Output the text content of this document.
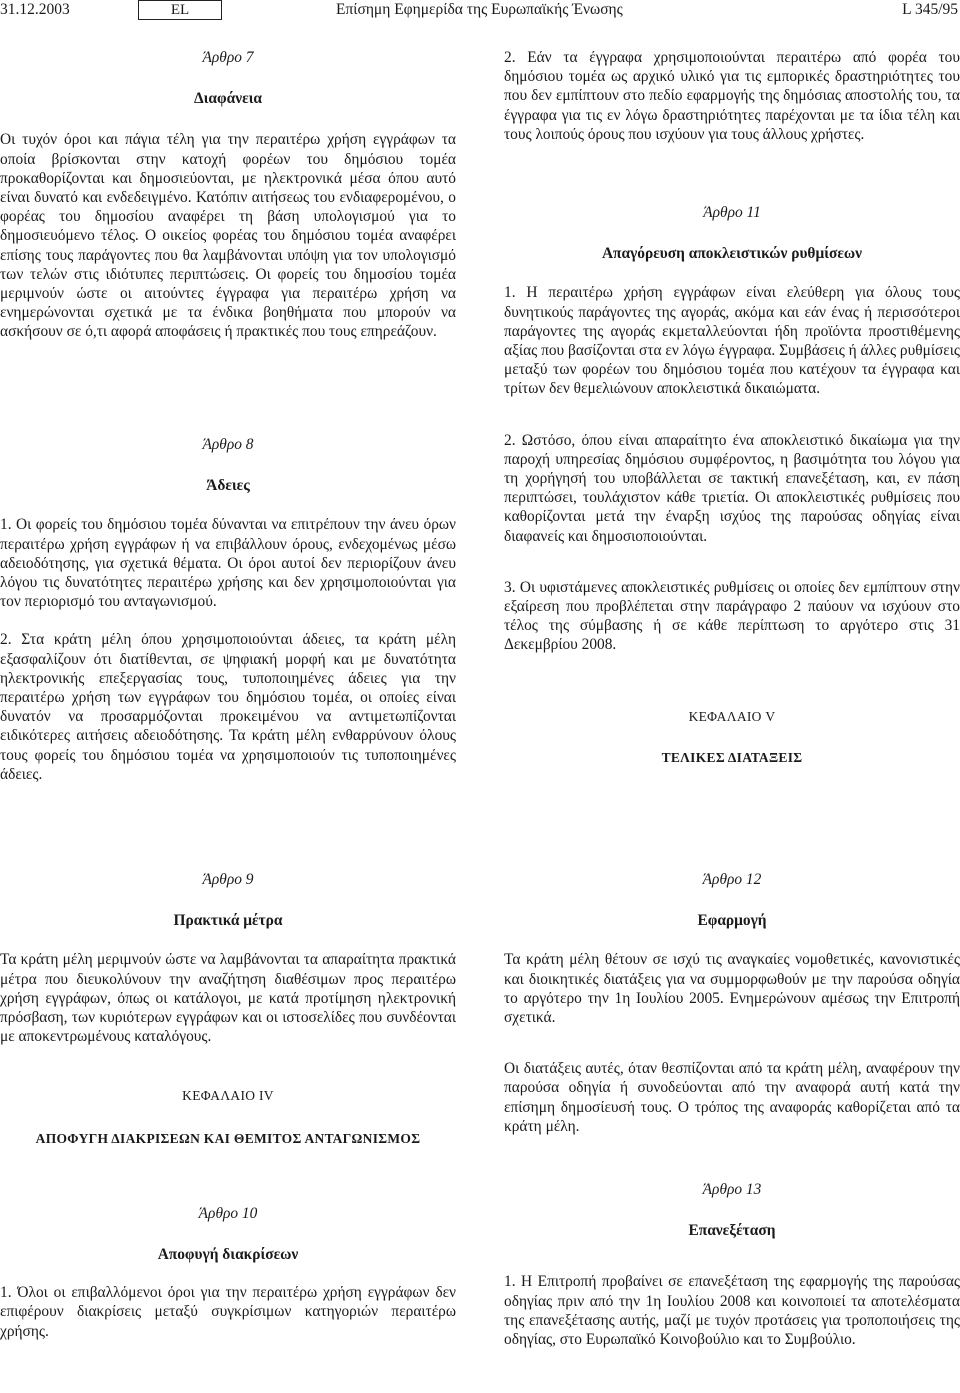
31.12.2003	EL	Επίσημη Εφημερίδα της Ευρωπαϊκής Ένωσης	L 345/95

Άρθρο 7

Διαφάνεια

Οι τυχόν όροι και πάγια τέλη για την περαιτέρω χρήση εγγράφων τα οποία βρίσκονται στην κατοχή φορέων του δημόσιου τομέα προκαθορίζονται και δημοσιεύονται, με ηλεκτρονικά μέσα όπου αυτό είναι δυνατό και ενδεδειγμένο. Κατόπιν αιτήσεως του ενδιαφερομένου, ο φορέας του δημοσίου αναφέρει τη βάση υπολογισμού για το δημοσιευόμενο τέλος. Ο οικείος φορέας του δημόσιου τομέα αναφέρει επίσης τους παράγοντες που θα λαμβάνονται υπόψη για τον υπολογισμό των τελών στις ιδιότυπες περιπτώσεις. Οι φορείς του δημοσίου τομέα μεριμνούν ώστε οι αιτούντες έγγραφα για περαιτέρω χρήση να ενημερώνονται σχετικά με τα ένδικα βοηθήματα που μπορούν να ασκήσουν σε ό,τι αφορά αποφάσεις ή πρακτικές που τους επηρεάζουν.

Άρθρο 8

Άδειες

1. Οι φορείς του δημόσιου τομέα δύνανται να επιτρέπουν την άνευ όρων περαιτέρω χρήση εγγράφων ή να επιβάλλουν όρους, ενδεχομένως μέσω αδειοδότησης, για σχετικά θέματα. Οι όροι αυτοί δεν περιορίζουν άνευ λόγου τις δυνατότητες περαιτέρω χρήσης και δεν χρησιμοποιούνται για τον περιορισμό του ανταγωνισμού.

2. Στα κράτη μέλη όπου χρησιμοποιούνται άδειες, τα κράτη μέλη εξασφαλίζουν ότι διατίθενται, σε ψηφιακή μορφή και με δυνατότητα ηλεκτρονικής επεξεργασίας τους, τυποποιημένες άδειες για την περαιτέρω χρήση των εγγράφων του δημόσιου τομέα, οι οποίες είναι δυνατόν να προσαρμόζονται προκειμένου να αντιμετωπίζονται ειδικότερες αιτήσεις αδειοδότησης. Τα κράτη μέλη ενθαρρύνουν όλους τους φορείς του δημόσιου τομέα να χρησιμοποιούν τις τυποποιημένες άδειες.

Άρθρο 9

Πρακτικά μέτρα

Τα κράτη μέλη μεριμνούν ώστε να λαμβάνονται τα απαραίτητα πρακτικά μέτρα που διευκολύνουν την αναζήτηση διαθέσιμων προς περαιτέρω χρήση εγγράφων, όπως οι κατάλογοι, με κατά προτίμηση ηλεκτρονική πρόσβαση, των κυριότερων εγγράφων και οι ιστοσελίδες που συνδέονται με αποκεντρωμένους καταλόγους.

ΚΕΦΑΛΑΙΟ IV

ΑΠΟΦΥΓΗ ΔΙΑΚΡΙΣΕΩΝ ΚΑΙ ΘΕΜΙΤΟΣ ΑΝΤΑΓΩΝΙΣΜΟΣ

Άρθρο 10

Αποφυγή διακρίσεων

1. Όλοι οι επιβαλλόμενοι όροι για την περαιτέρω χρήση εγγράφων δεν επιφέρουν διακρίσεις μεταξύ συγκρίσιμων κατηγοριών περαιτέρω χρήσης.

2. Εάν τα έγγραφα χρησιμοποιούνται περαιτέρω από φορέα του δημόσιου τομέα ως αρχικό υλικό για τις εμπορικές δραστηριότητες του που δεν εμπίπτουν στο πεδίο εφαρμογής της δημόσιας αποστολής του, τα έγγραφα για τις εν λόγω δραστηριότητες παρέχονται με τα ίδια τέλη και τους λοιπούς όρους που ισχύουν για τους άλλους χρήστες.

Άρθρο 11

Απαγόρευση αποκλειστικών ρυθμίσεων

1. Η περαιτέρω χρήση εγγράφων είναι ελεύθερη για όλους τους δυνητικούς παράγοντες της αγοράς, ακόμα και εάν ένας ή περισσότεροι παράγοντες της αγοράς εκμεταλλεύονται ήδη προϊόντα προστιθέμενης αξίας που βασίζονται στα εν λόγω έγγραφα. Συμβάσεις ή άλλες ρυθμίσεις μεταξύ των φορέων του δημόσιου τομέα που κατέχουν τα έγγραφα και τρίτων δεν θεμελιώνουν αποκλειστικά δικαιώματα.

2. Ωστόσο, όπου είναι απαραίτητο ένα αποκλειστικό δικαίωμα για την παροχή υπηρεσίας δημόσιου συμφέροντος, η βασιμότητα του λόγου για τη χορήγησή του υποβάλλεται σε τακτική επανεξέταση, και, εν πάση περιπτώσει, τουλάχιστον κάθε τριετία. Οι αποκλειστικές ρυθμίσεις που καθορίζονται μετά την έναρξη ισχύος της παρούσας οδηγίας είναι διαφανείς και δημοσιοποιούνται.

3. Οι υφιστάμενες αποκλειστικές ρυθμίσεις οι οποίες δεν εμπίπτουν στην εξαίρεση που προβλέπεται στην παράγραφο 2 παύουν να ισχύουν στο τέλος της σύμβασης ή σε κάθε περίπτωση το αργότερο στις 31 Δεκεμβρίου 2008.

ΚΕΦΑΛΑΙΟ V

ΤΕΛΙΚΕΣ ΔΙΑΤΑΞΕΙΣ

Άρθρο 12

Εφαρμογή

Τα κράτη μέλη θέτουν σε ισχύ τις αναγκαίες νομοθετικές, κανονιστικές και διοικητικές διατάξεις για να συμμορφωθούν με την παρούσα οδηγία το αργότερο την 1η Ιουλίου 2005. Ενημερώνουν αμέσως την Επιτροπή σχετικά.

Οι διατάξεις αυτές, όταν θεσπίζονται από τα κράτη μέλη, αναφέρουν την παρούσα οδηγία ή συνοδεύονται από την αναφορά αυτή κατά την επίσημη δημοσίευσή τους. Ο τρόπος της αναφοράς καθορίζεται από τα κράτη μέλη.

Άρθρο 13

Επανεξέταση

1. Η Επιτροπή προβαίνει σε επανεξέταση της εφαρμογής της παρούσας οδηγίας πριν από την 1η Ιουλίου 2008 και κοινοποιεί τα αποτελέσματα της επανεξέτασης αυτής, μαζί με τυχόν προτάσεις για τροποποιήσεις της οδηγίας, στο Ευρωπαϊκό Κοινοβούλιο και το Συμβούλιο.
